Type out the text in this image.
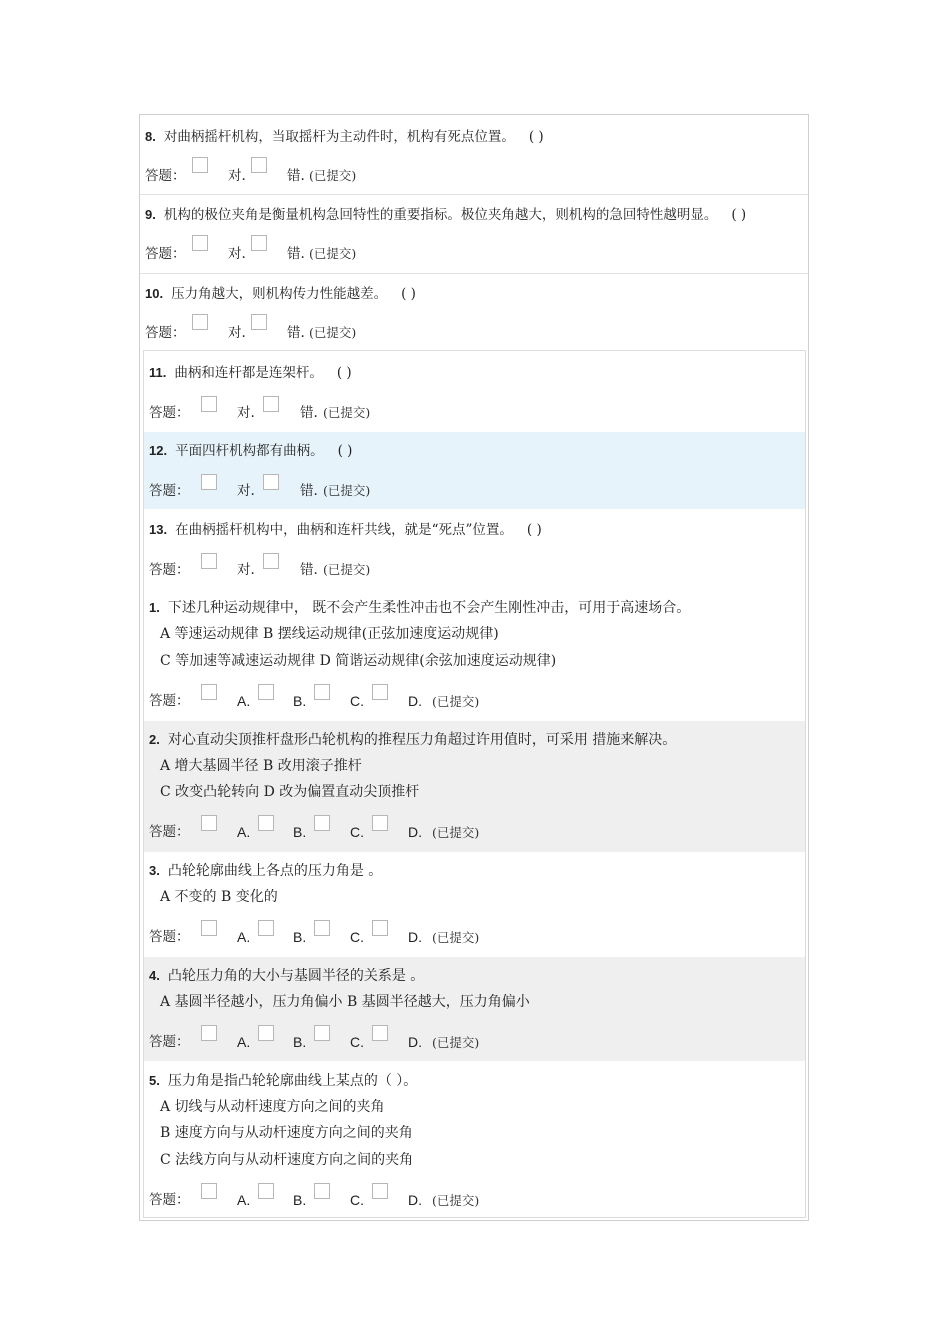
8. 对曲柄摇杆机构，当取摇杆为主动件时，机构有死点位置。 ( )
答题：	对.	错. (已提交)
9. 机构的极位夹角是衡量机构急回特性的重要指标。极位夹角越大，则机构的急回特性越明显。 ( )
答题：	对.	错. (已提交)
10. 压力角越大，则机构传力性能越差。 ( )
答题：	对.	错. (已提交)
11. 曲柄和连杆都是连架杆。 ( )
答题：	对.	错. (已提交)
12. 平面四杆机构都有曲柄。 ( )
答题：	对.	错. (已提交)
13. 在曲柄摇杆机构中，曲柄和连杆共线，就是“死点”位置。 ( )
答题：	对.	错. (已提交)
1. 下述几种运动规律中， 既不会产生柔性冲击也不会产生刚性冲击，可用于高速场合。
A 等速运动规律 B 摆线运动规律(正弦加速度运动规律)
C 等加速等减速运动规律 D 简谐运动规律(余弦加速度运动规律)
答题：	A.	B.	C.	D. (已提交)
2. 对心直动尖顶推杆盘形凸轮机构的推程压力角超过许用值时，可采用 措施来解决。
A 增大基圆半径 B 改用滚子推杆
C 改变凸轮转向 D 改为偏置直动尖顶推杆
答题：	A.	B.	C.	D. (已提交)
3. 凸轮轮廓曲线上各点的压力角是 。
A 不变的 B 变化的
答题：	A.	B.	C.	D. (已提交)
4. 凸轮压力角的大小与基圆半径的关系是 。
A 基圆半径越小，压力角偏小 B 基圆半径越大，压力角偏小
答题：	A.	B.	C.	D. (已提交)
5. 压力角是指凸轮轮廓曲线上某点的（ ）。
A 切线与从动杆速度方向之间的夹角
B 速度方向与从动杆速度方向之间的夹角
C 法线方向与从动杆速度方向之间的夹角
答题：	A.	B.	C.	D. (已提交)
